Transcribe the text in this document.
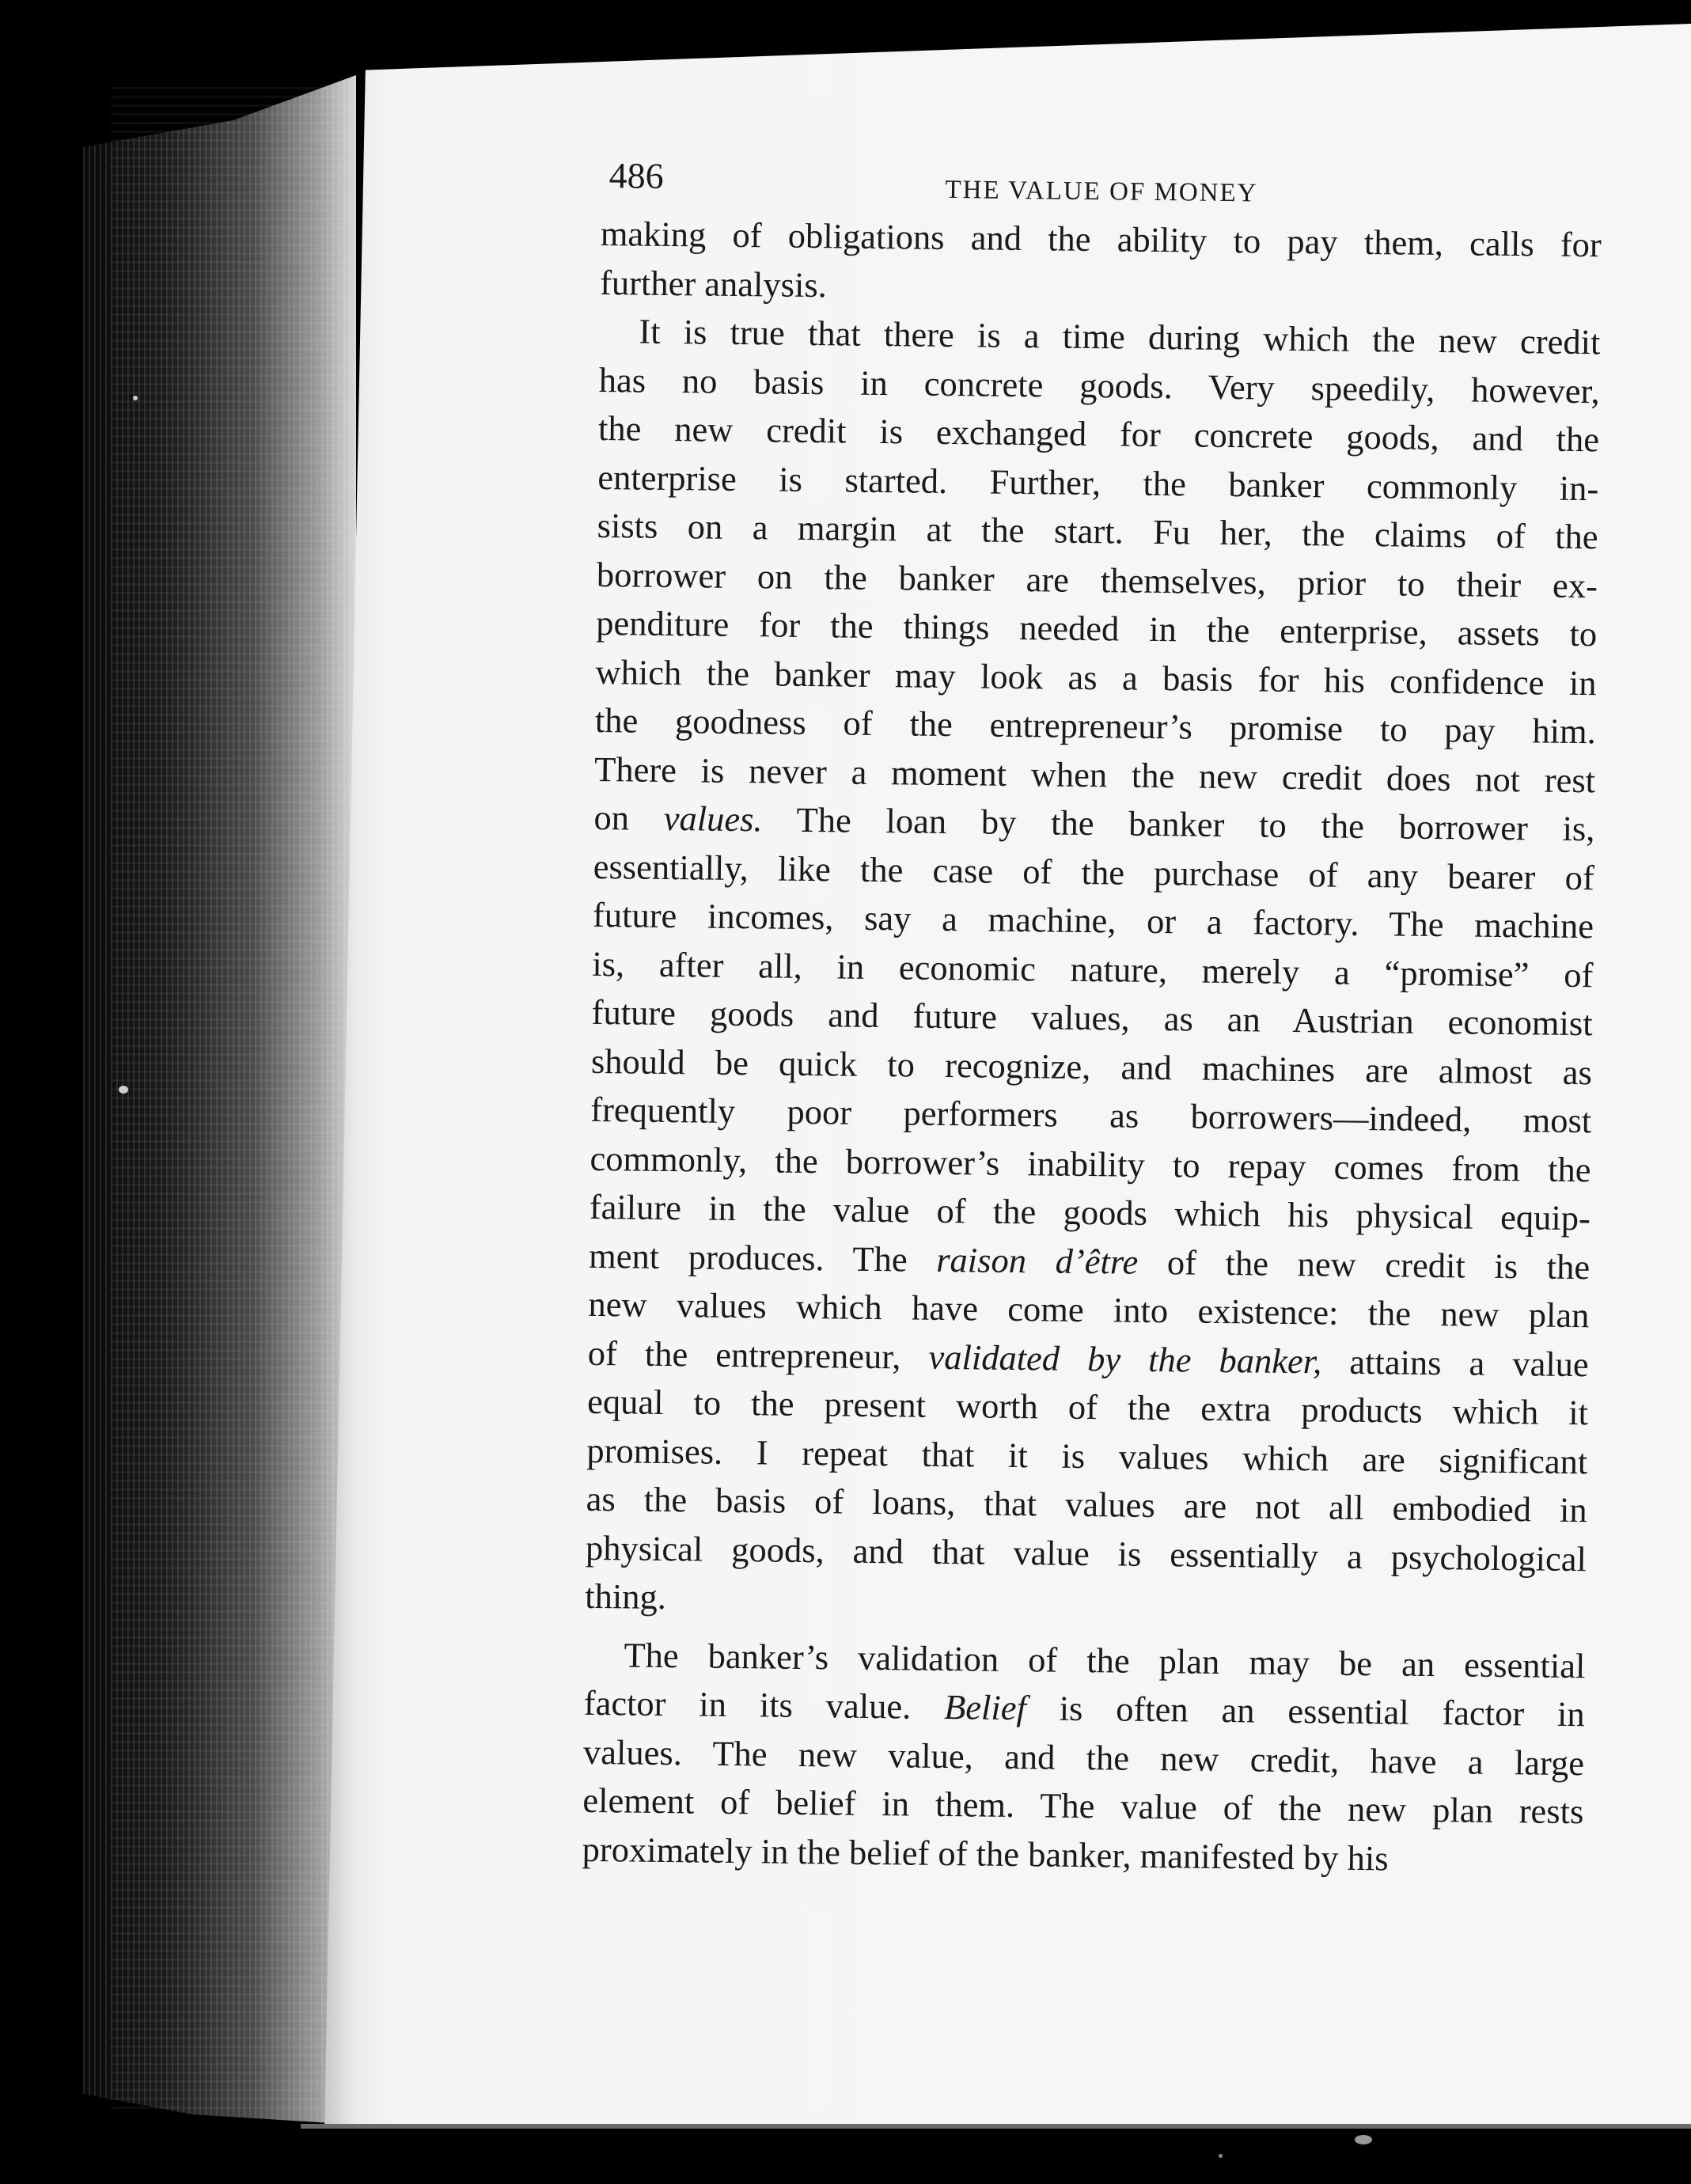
486	THE VALUE OF MONEY
making of obligations and the ability to pay them, calls for
further analysis.
It is true that there is a time during which the new credit
has no basis in concrete goods. Very speedily, however,
the new credit is exchanged for concrete goods, and the
enterprise is started. Further, the banker commonly in-
sists on a margin at the start. Fu her, the claims of the
borrower on the banker are themselves, prior to their ex-
penditure for the things needed in the enterprise, assets to
which the banker may look as a basis for his confidence in
the goodness of the entrepreneur’s promise to pay him.
There is never a moment when the new credit does not rest
on values. The loan by the banker to the borrower is,
essentially, like the case of the purchase of any bearer of
future incomes, say a machine, or a factory. The machine
is, after all, in economic nature, merely a “promise” of
future goods and future values, as an Austrian economist
should be quick to recognize, and machines are almost as
frequently poor performers as borrowers—indeed, most
commonly, the borrower’s inability to repay comes from the
failure in the value of the goods which his physical equip-
ment produces. The raison d’être of the new credit is the
new values which have come into existence: the new plan
of the entrepreneur, validated by the banker, attains a value
equal to the present worth of the extra products which it
promises. I repeat that it is values which are significant
as the basis of loans, that values are not all embodied in
physical goods, and that value is essentially a psychological
thing.
The banker’s validation of the plan may be an essential
factor in its value. Belief is often an essential factor in
values. The new value, and the new credit, have a large
element of belief in them. The value of the new plan rests
proximately in the belief of the banker, manifested by his
